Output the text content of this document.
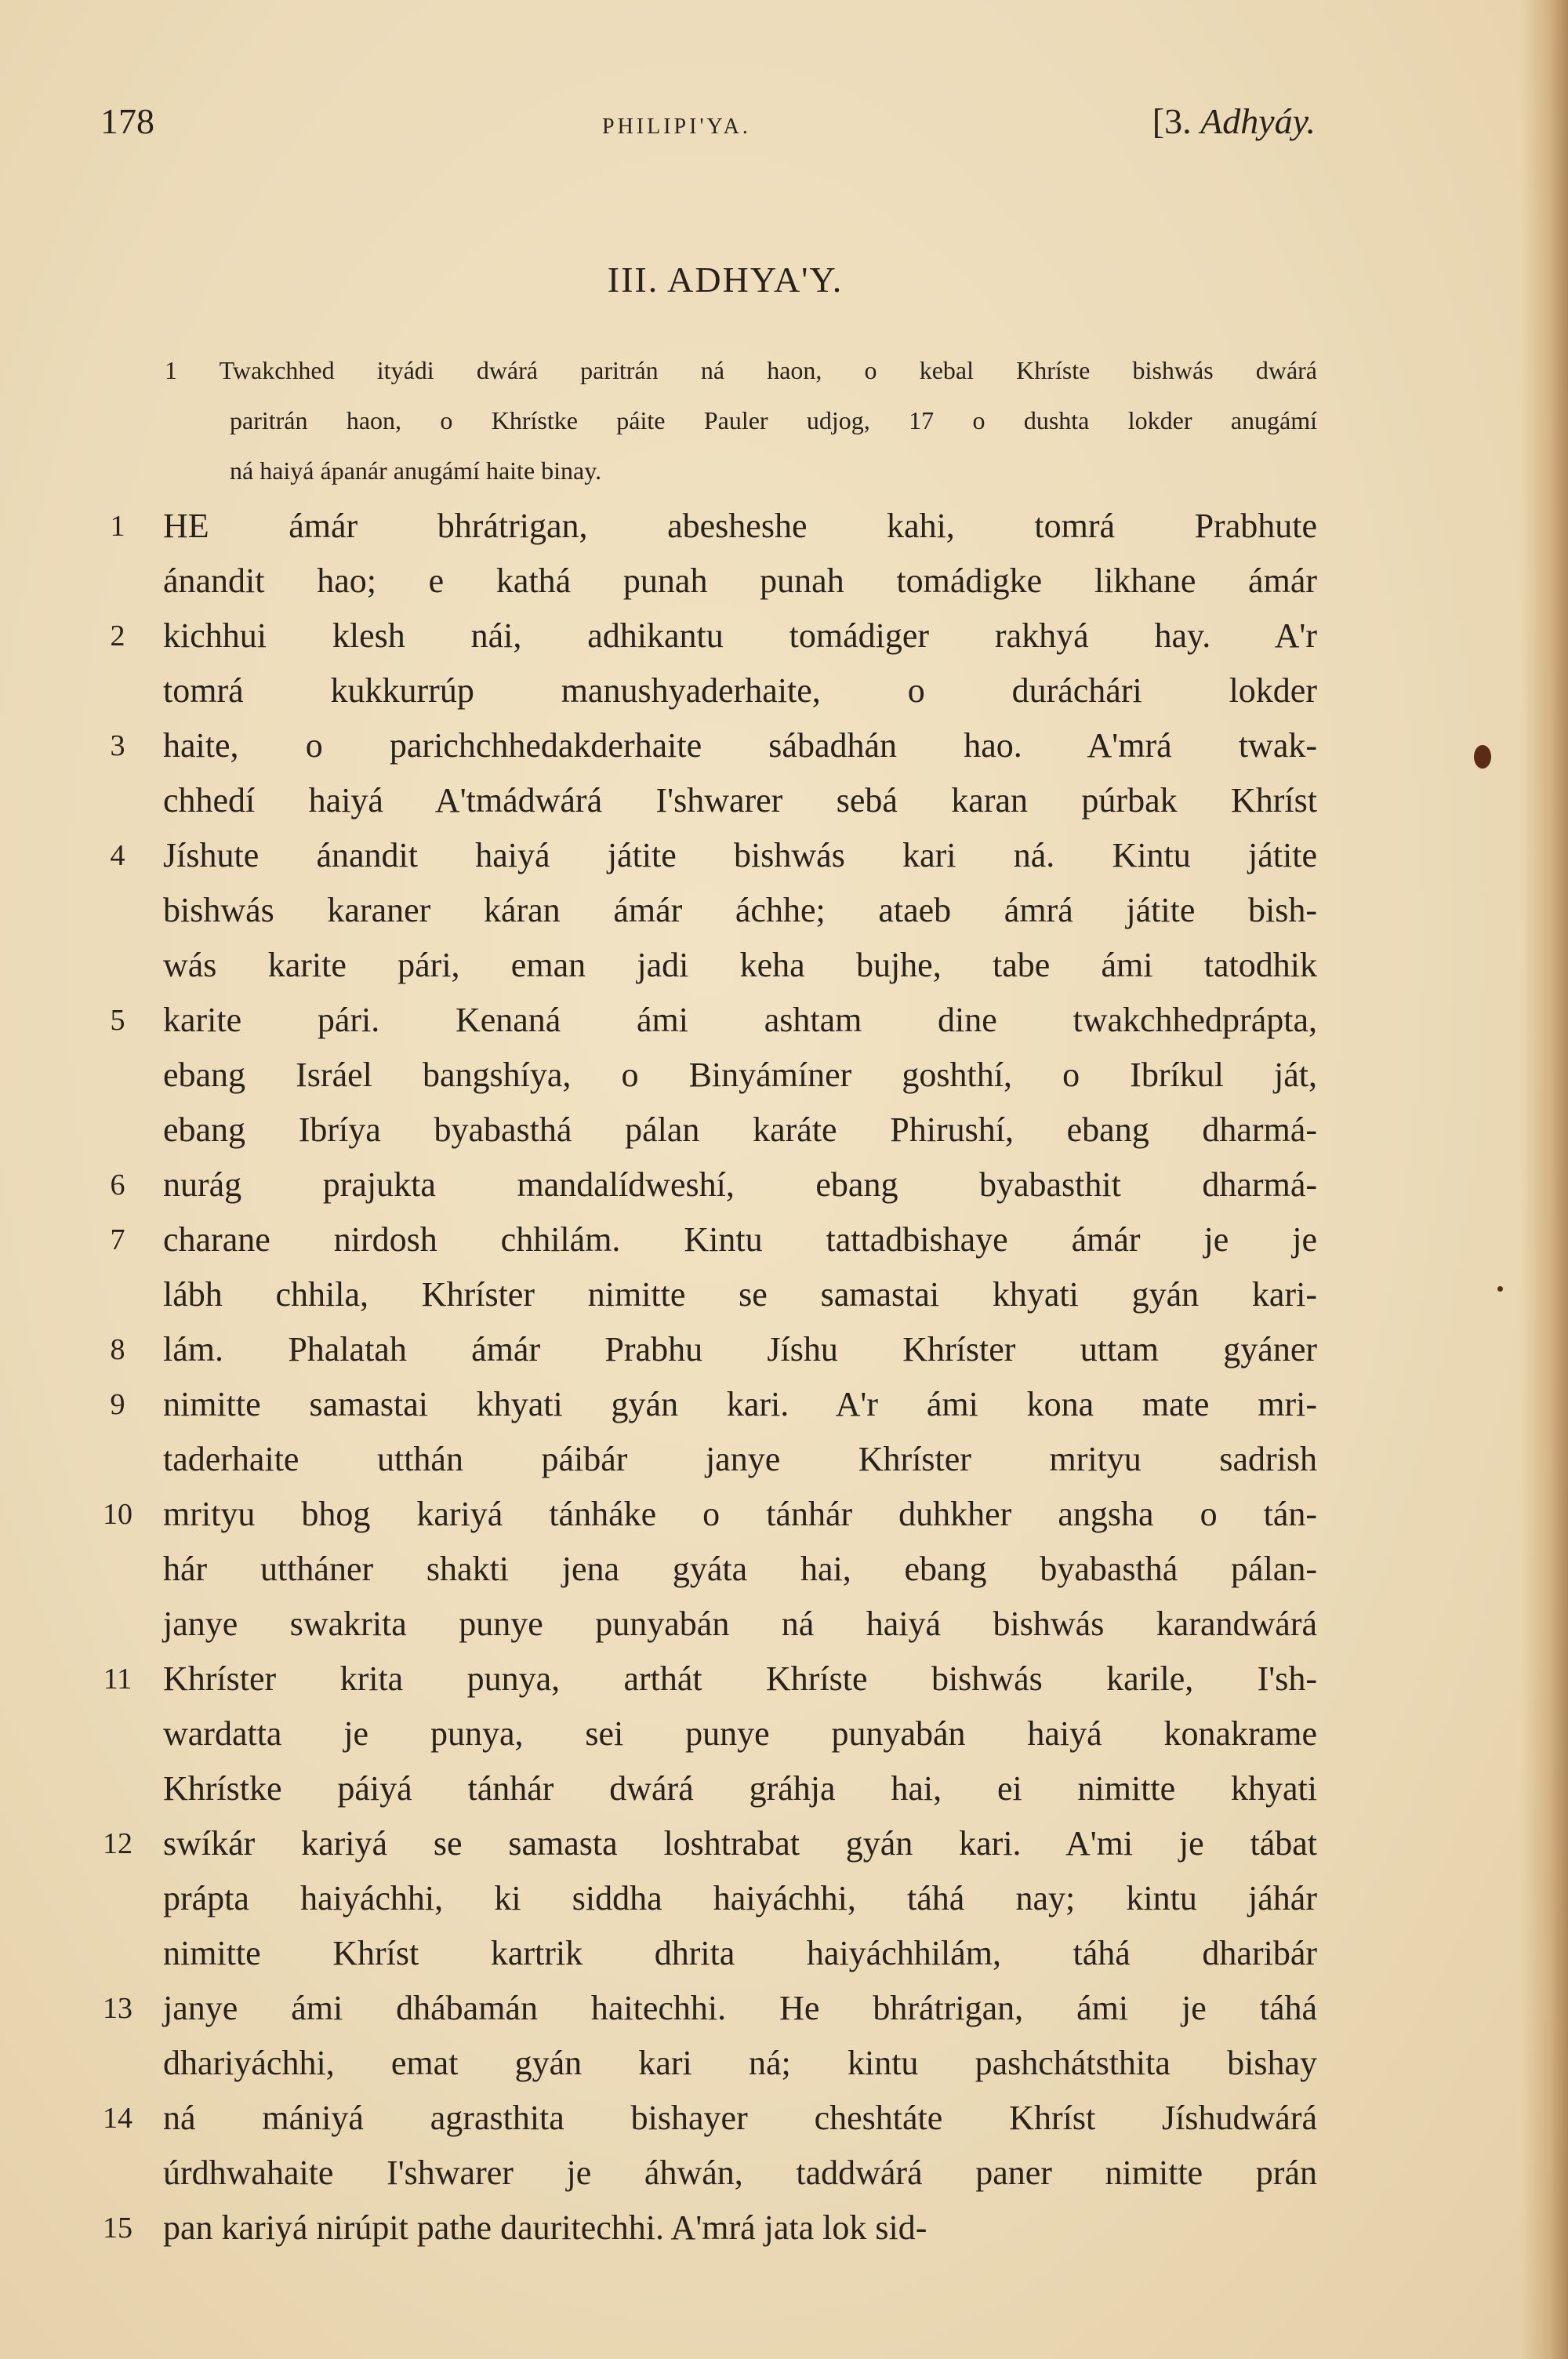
178	PHILIPI'YA.	[3. Adhyáy.
III. ADHYA'Y.
1 Twakchhed ityádi dwárá paritrán ná haon, o kebal Khríste bishwás dwárá
paritrán haon, o Khrístke páite Pauler udjog, 17 o dushta lokder anugámí
ná haiyá ápanár anugámí haite binay.
1	HE ámár bhrátrigan, abesheshe kahi, tomrá Prabhute
ánandit hao; e kathá punah punah tomádigke likhane ámár
2	kichhui klesh nái, adhikantu tomádiger rakhyá hay. A'r
tomrá kukkurrúp manushyaderhaite, o duráchári lokder
3	haite, o parichchhedakderhaite sábadhán hao. A'mrá twak-
chhedí haiyá A'tmádwárá I'shwarer sebá karan púrbak Khríst
4	Jíshute ánandit haiyá játite bishwás kari ná. Kintu játite
bishwás karaner káran ámár áchhe; ataeb ámrá játite bish-
wás karite pári, eman jadi keha bujhe, tabe ámi tatodhik
5	karite pári. Kenaná ámi ashtam dine twakchhedprápta,
ebang Isráel bangshíya, o Binyámíner goshthí, o Ibríkul ját,
ebang Ibríya byabasthá pálan karáte Phirushí, ebang dharmá-
6	nurág prajukta mandalídweshí, ebang byabasthit dharmá-
7	charane nirdosh chhilám. Kintu tattadbishaye ámár je je
lábh chhila, Khríster nimitte se samastai khyati gyán kari-
8	lám. Phalatah ámár Prabhu Jíshu Khríster uttam gyáner
9	nimitte samastai khyati gyán kari. A'r ámi kona mate mri-
taderhaite utthán páibár janye Khríster mrityu sadrish
10 mrityu bhog kariyá tánháke o tánhár duhkher angsha o tán-
hár uttháner shakti jena gyáta hai, ebang byabasthá pálan-
janye swakrita punye punyabán ná haiyá bishwás karandwárá
11 Khríster krita punya, arthát Khríste bishwás karile, I'sh-
wardatta je punya, sei punye punyabán haiyá konakrame
Khrístke páiyá tánhár dwárá gráhja hai, ei nimitte khyati
12 swíkár kariyá se samasta loshtrabat gyán kari. A'mi je tábat
prápta haiyáchhi, ki siddha haiyáchhi, táhá nay; kintu jáhár
nimitte Khríst kartrik dhrita haiyáchhilám, táhá dharibár
13 janye ámi dhábamán haitechhi. He bhrátrigan, ámi je táhá
dhariyáchhi, emat gyán kari ná; kintu pashchátsthita bishay
14 ná mániyá agrasthita bishayer cheshtáte Khríst Jíshudwárá
úrdhwahaite I'shwarer je áhwán, taddwárá paner nimitte prán
15 pan kariyá nirúpit pathe dauritechhi. A'mrá jata lok sid-
